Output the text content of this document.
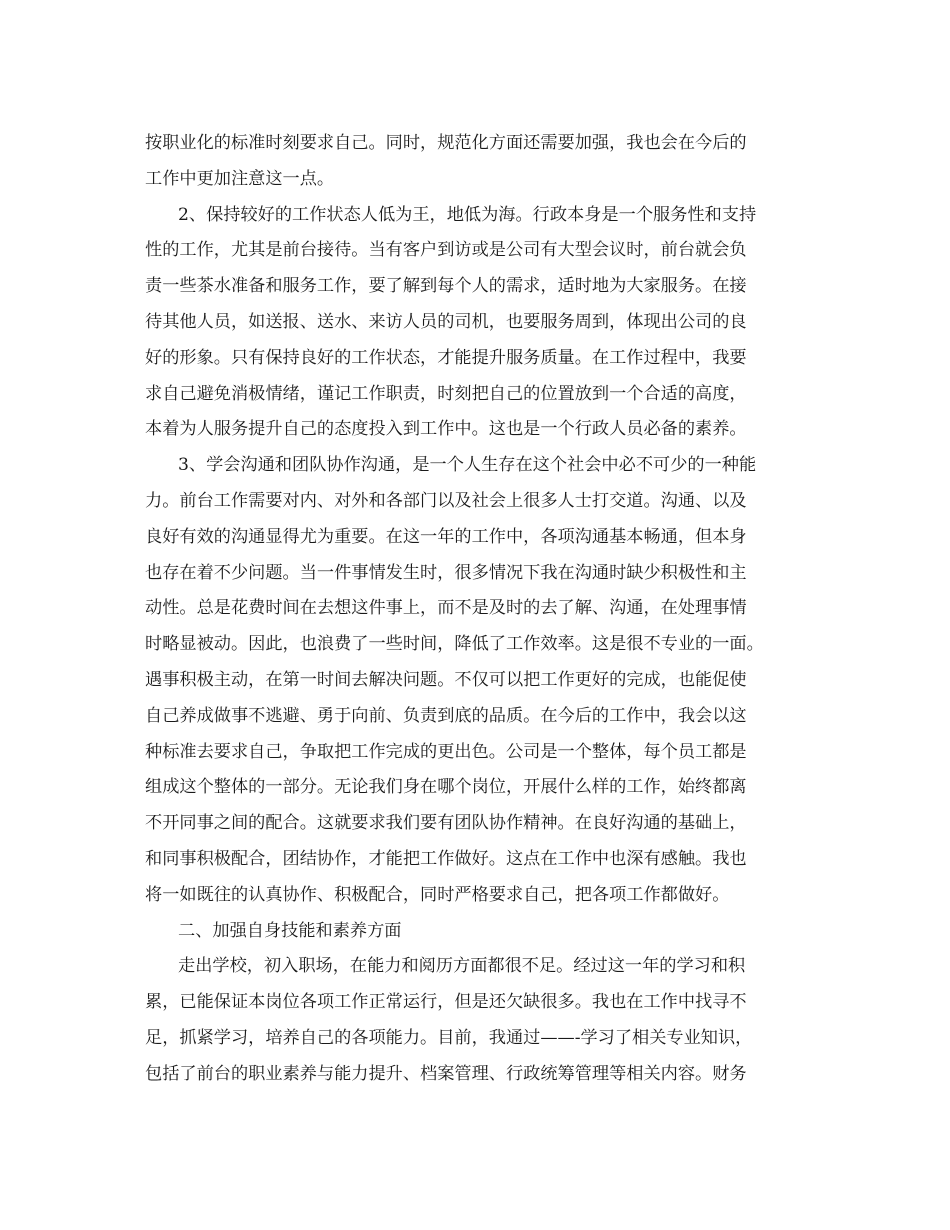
按职业化的标准时刻要求自己。同时，规范化方面还需要加强，我也会在今后的
工作中更加注意这一点。
2、保持较好的工作状态人低为王，地低为海。行政本身是一个服务性和支持
性的工作，尤其是前台接待。当有客户到访或是公司有大型会议时，前台就会负
责一些茶水准备和服务工作，要了解到每个人的需求，适时地为大家服务。在接
待其他人员，如送报、送水、来访人员的司机，也要服务周到，体现出公司的良
好的形象。只有保持良好的工作状态，才能提升服务质量。在工作过程中，我要
求自己避免消极情绪，谨记工作职责，时刻把自己的位置放到一个合适的高度，
本着为人服务提升自己的态度投入到工作中。这也是一个行政人员必备的素养。
3、学会沟通和团队协作沟通，是一个人生存在这个社会中必不可少的一种能
力。前台工作需要对内、对外和各部门以及社会上很多人士打交道。沟通、以及
良好有效的沟通显得尤为重要。在这一年的工作中，各项沟通基本畅通，但本身
也存在着不少问题。当一件事情发生时，很多情况下我在沟通时缺少积极性和主
动性。总是花费时间在去想这件事上，而不是及时的去了解、沟通，在处理事情
时略显被动。因此，也浪费了一些时间，降低了工作效率。这是很不专业的一面。
遇事积极主动，在第一时间去解决问题。不仅可以把工作更好的完成，也能促使
自己养成做事不逃避、勇于向前、负责到底的品质。在今后的工作中，我会以这
种标准去要求自己，争取把工作完成的更出色。公司是一个整体，每个员工都是
组成这个整体的一部分。无论我们身在哪个岗位，开展什么样的工作，始终都离
不开同事之间的配合。这就要求我们要有团队协作精神。在良好沟通的基础上，
和同事积极配合，团结协作，才能把工作做好。这点在工作中也深有感触。我也
将一如既往的认真协作、积极配合，同时严格要求自己，把各项工作都做好。
二、加强自身技能和素养方面
走出学校，初入职场，在能力和阅历方面都很不足。经过这一年的学习和积
累，已能保证本岗位各项工作正常运行，但是还欠缺很多。我也在工作中找寻不
足，抓紧学习，培养自己的各项能力。目前，我通过——-学习了相关专业知识，
包括了前台的职业素养与能力提升、档案管理、行政统筹管理等相关内容。财务
